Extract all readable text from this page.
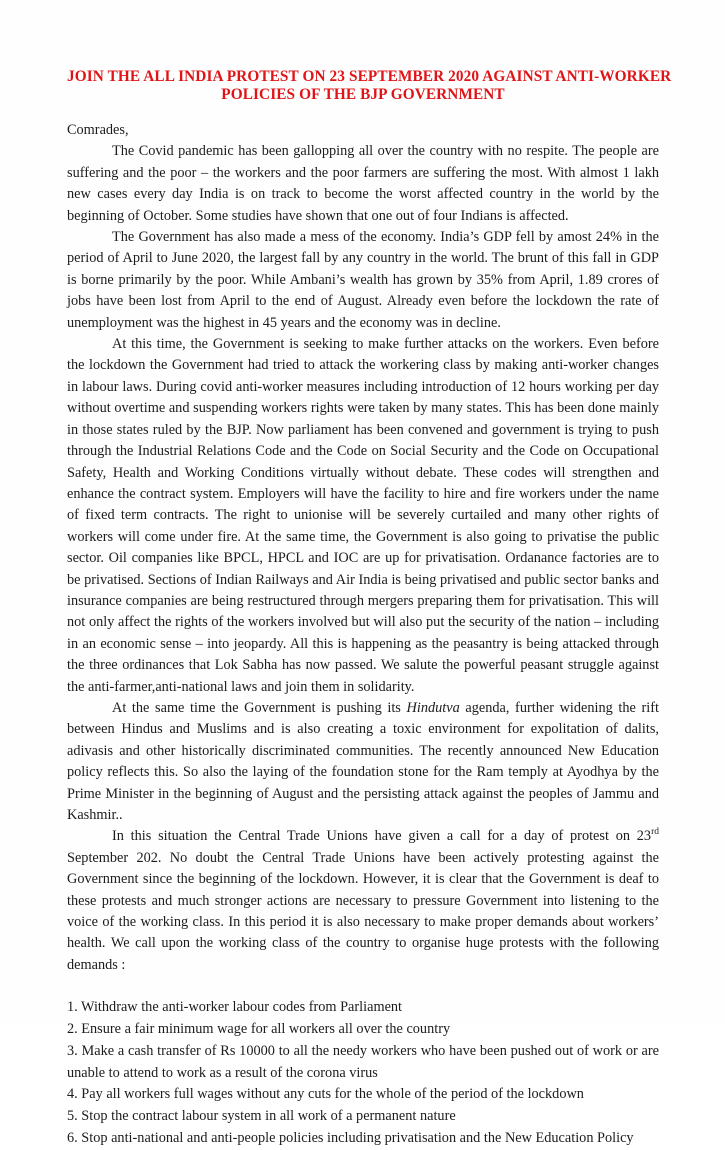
JOIN THE ALL INDIA PROTEST ON 23 SEPTEMBER 2020 AGAINST ANTI-WORKER
POLICIES OF THE BJP GOVERNMENT

Comrades,

The Covid pandemic has been gallopping all over the country with no respite. The people are suffering and the poor – the workers and the poor farmers are suffering the most. With almost 1 lakh new cases every day India is on track to become the worst affected country in the world by the beginning of October. Some studies have shown that one out of four Indians is affected.

The Government has also made a mess of the economy. India’s GDP fell by amost 24% in the period of April to June 2020, the largest fall by any country in the world. The brunt of this fall in GDP is borne primarily by the poor. While Ambani’s wealth has grown by 35% from April, 1.89 crores of jobs have been lost from April to the end of August. Already even before the lockdown the rate of unemployment was the highest in 45 years and the economy was in decline.

At this time, the Government is seeking to make further attacks on the workers. Even before the lockdown the Government had tried to attack the workering class by making anti-worker changes in labour laws. During covid anti-worker measures including introduction of 12 hours working per day without overtime and suspending workers rights were taken by many states. This has been done mainly in those states ruled by the BJP. Now parliament has been convened and government is trying to push through the Industrial Relations Code and the Code on Social Security and the Code on Occupational Safety, Health and Working Conditions virtually without debate. These codes will strengthen and enhance the contract system. Employers will have the facility to hire and fire workers under the name of fixed term contracts. The right to unionise will be severely curtailed and many other rights of workers will come under fire. At the same time, the Government is also going to privatise the public sector. Oil companies like BPCL, HPCL and IOC are up for privatisation. Ordanance factories are to be privatised. Sections of Indian Railways and Air India is being privatised and public sector banks and insurance companies are being restructured through mergers preparing them for privatisation. This will not only affect the rights of the workers involved but will also put the security of the nation – including in an economic sense – into jeopardy. All this is happening as the peasantry is being attacked through the three ordinances that Lok Sabha has now passed. We salute the powerful peasant struggle against the anti-farmer,anti-national laws and join them in solidarity.

At the same time the Government is pushing its Hindutva agenda, further widening the rift between Hindus and Muslims and is also creating a toxic environment for expolitation of dalits, adivasis and other historically discriminated communities. The recently announced New Education policy reflects this. So also the laying of the foundation stone for the Ram temply at Ayodhya by the Prime Minister in the beginning of August and the persisting attack against the peoples of Jammu and Kashmir..

In this situation the Central Trade Unions have given a call for a day of protest on 23rd September 202. No doubt the Central Trade Unions have been actively protesting against the Government since the beginning of the lockdown. However, it is clear that the Government is deaf to these protests and much stronger actions are necessary to pressure Government into listening to the voice of the working class. In this period it is also necessary to make proper demands about workers’ health. We call upon the working class of the country to organise huge protests with the following demands :

1. Withdraw the anti-worker labour codes from Parliament

2. Ensure a fair minimum wage for all workers all over the country

3. Make a cash transfer of Rs 10000 to all the needy workers who have been pushed out of work or are unable to attend to work as a result of the corona virus

4. Pay all workers full wages without any cuts for the whole of the period of the lockdown

5. Stop the contract labour system in all work of a permanent nature

6. Stop anti-national and anti-people policies including privatisation and the New Education Policy
